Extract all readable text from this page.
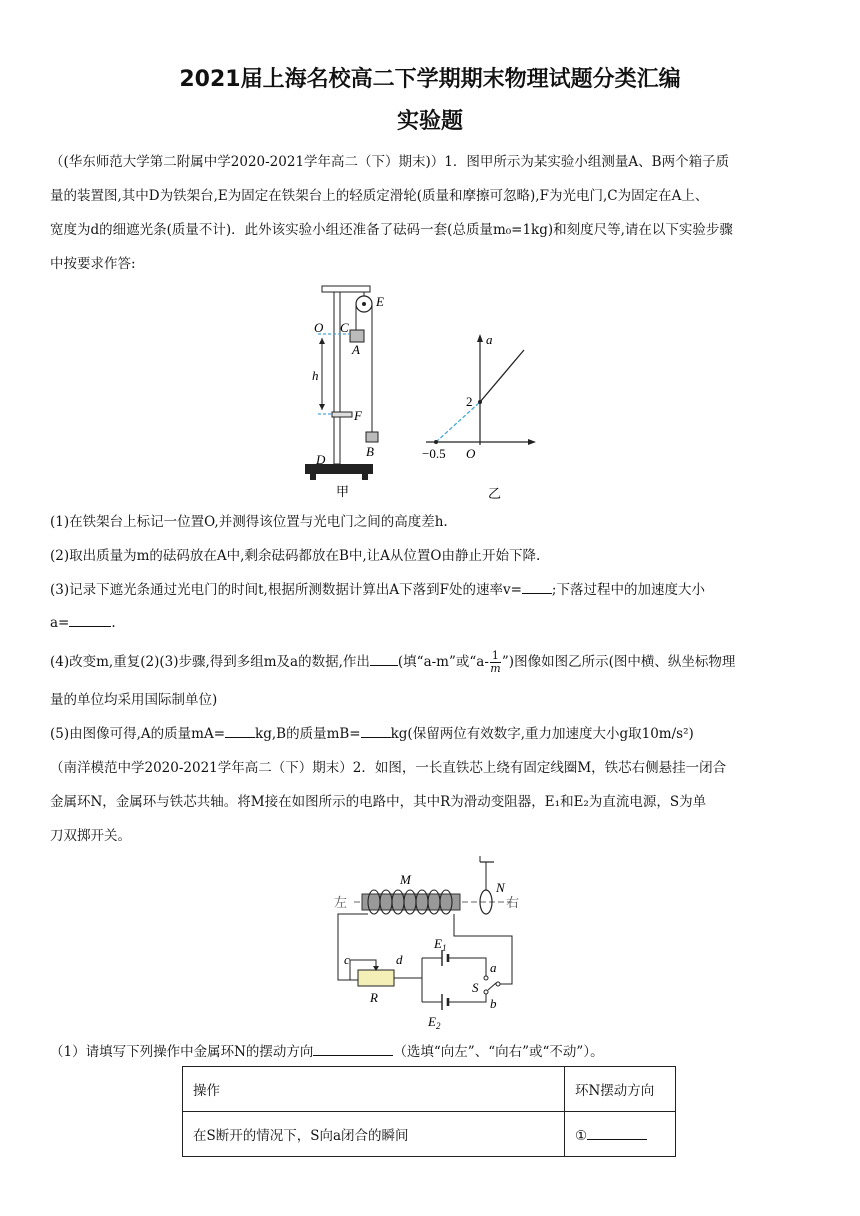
2021届上海名校高二下学期期末物理试题分类汇编
实验题
（(华东师范大学第二附属中学2020-2021学年高二（下）期末)）1．图甲所示为某实验小组测量A、B两个箱子质
量的装置图,其中D为铁架台,E为固定在铁架台上的轻质定滑轮(质量和摩擦可忽略),F为光电门,C为固定在A上、
宽度为d的细遮光条(质量不计)．此外该实验小组还准备了砝码一套(总质量m₀=1kg)和刻度尺等,请在以下实验步骤
中按要求作答:
E
O C
A
h
F
B
D
甲
a
2
−0.5 O
乙
(1)在铁架台上标记一位置O,并测得该位置与光电门之间的高度差h.
(2)取出质量为m的砝码放在A中,剩余砝码都放在B中,让A从位置O由静止开始下降.
(3)记录下遮光条通过光电门的时间t,根据所测数据计算出A下落到F处的速率v= ;下落过程中的加速度大小
a=	.
(4)改变m,重复(2)(3)步骤,得到多组m及a的数据,作出 (填“a-m”或“$a- \frac{1}{m}$ ”)图像如图乙所示(图中横、纵坐标物理
量的单位均采用国际制单位)
(5)由图像可得,A的质量mA= kg,B的质量mB= kg(保留两位有效数字,重力加速度大小g取10m/s²)
（南洋模范中学2020-2021学年高二（下）期末）2．如图，一长直铁芯上绕有固定线圈M，铁芯右侧悬挂一闭合
金属环N，金属环与铁芯共轴。将M接在如图所示的电路中，其中R为滑动变阻器，E₁和E₂为直流电源，S为单
刀双掷开关。
左	右
M
N
c	d
R
$E_1$
$E_2$
a
b
S
（1）请填写下列操作中金属环N的摆动方向	（选填“向左”、“向右”或“不动”）。
操作	环N摆动方向
在S断开的情况下，S向a闭合的瞬间	①
